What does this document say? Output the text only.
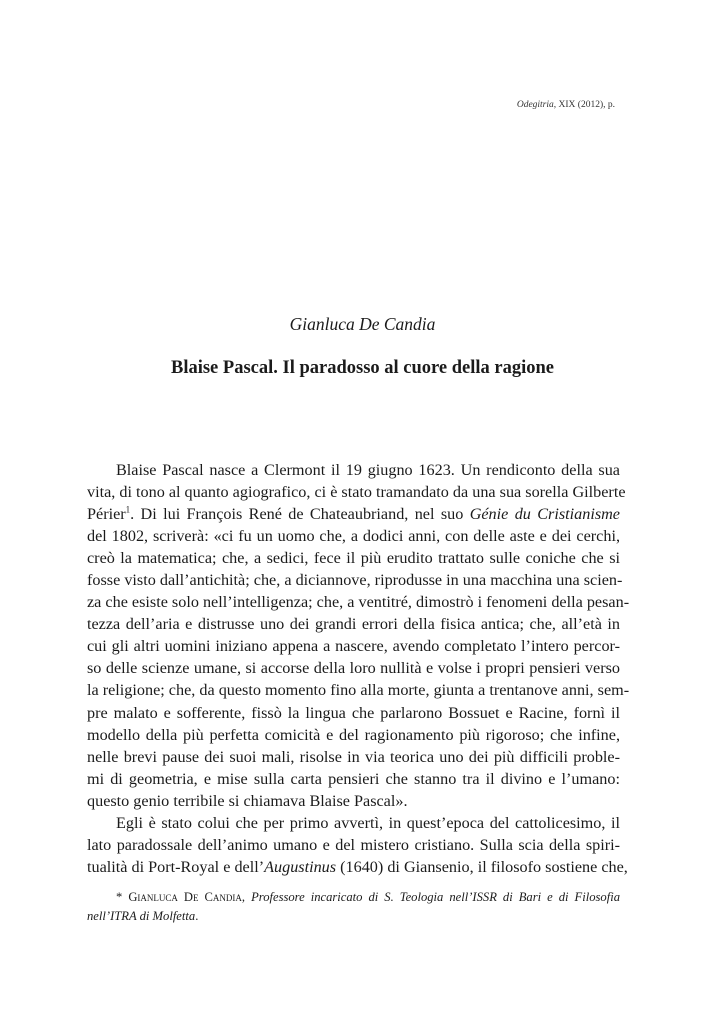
Odegitria, XIX (2012), p.
Gianluca De Candia
Blaise Pascal. Il paradosso al cuore della ragione
Blaise Pascal nasce a Clermont il 19 giugno 1623. Un rendiconto della sua
vita, di tono al quanto agiografico, ci è stato tramandato da una sua sorella Gilberte
Périer$^1$. Di lui François René de Chateaubriand, nel suo Génie du Cristianisme
del 1802, scriverà: «ci fu un uomo che, a dodici anni, con delle aste e dei cerchi,
creò la matematica; che, a sedici, fece il più erudito trattato sulle coniche che si
fosse visto dall’antichità; che, a diciannove, riprodusse in una macchina una scien-
za che esiste solo nell’intelligenza; che, a ventitré, dimostrò i fenomeni della pesan-
tezza dell’aria e distrusse uno dei grandi errori della fisica antica; che, all’età in
cui gli altri uomini iniziano appena a nascere, avendo completato l’intero percor-
so delle scienze umane, si accorse della loro nullità e volse i propri pensieri verso
la religione; che, da questo momento fino alla morte, giunta a trentanove anni, sem-
pre malato e sofferente, fissò la lingua che parlarono Bossuet e Racine, fornì il
modello della più perfetta comicità e del ragionamento più rigoroso; che infine,
nelle brevi pause dei suoi mali, risolse in via teorica uno dei più difficili proble-
mi di geometria, e mise sulla carta pensieri che stanno tra il divino e l’umano:
questo genio terribile si chiamava Blaise Pascal».
Egli è stato colui che per primo avvertì, in quest’epoca del cattolicesimo, il
lato paradossale dell’animo umano e del mistero cristiano. Sulla scia della spiri-
tualità di Port-Royal e dell’Augustinus (1640) di Giansenio, il filosofo sostiene che,
* Gianluca De Candia, Professore incaricato di S. Teologia nell’ISSR di Bari e di Filosofia
nell’ITRA di Molfetta.
